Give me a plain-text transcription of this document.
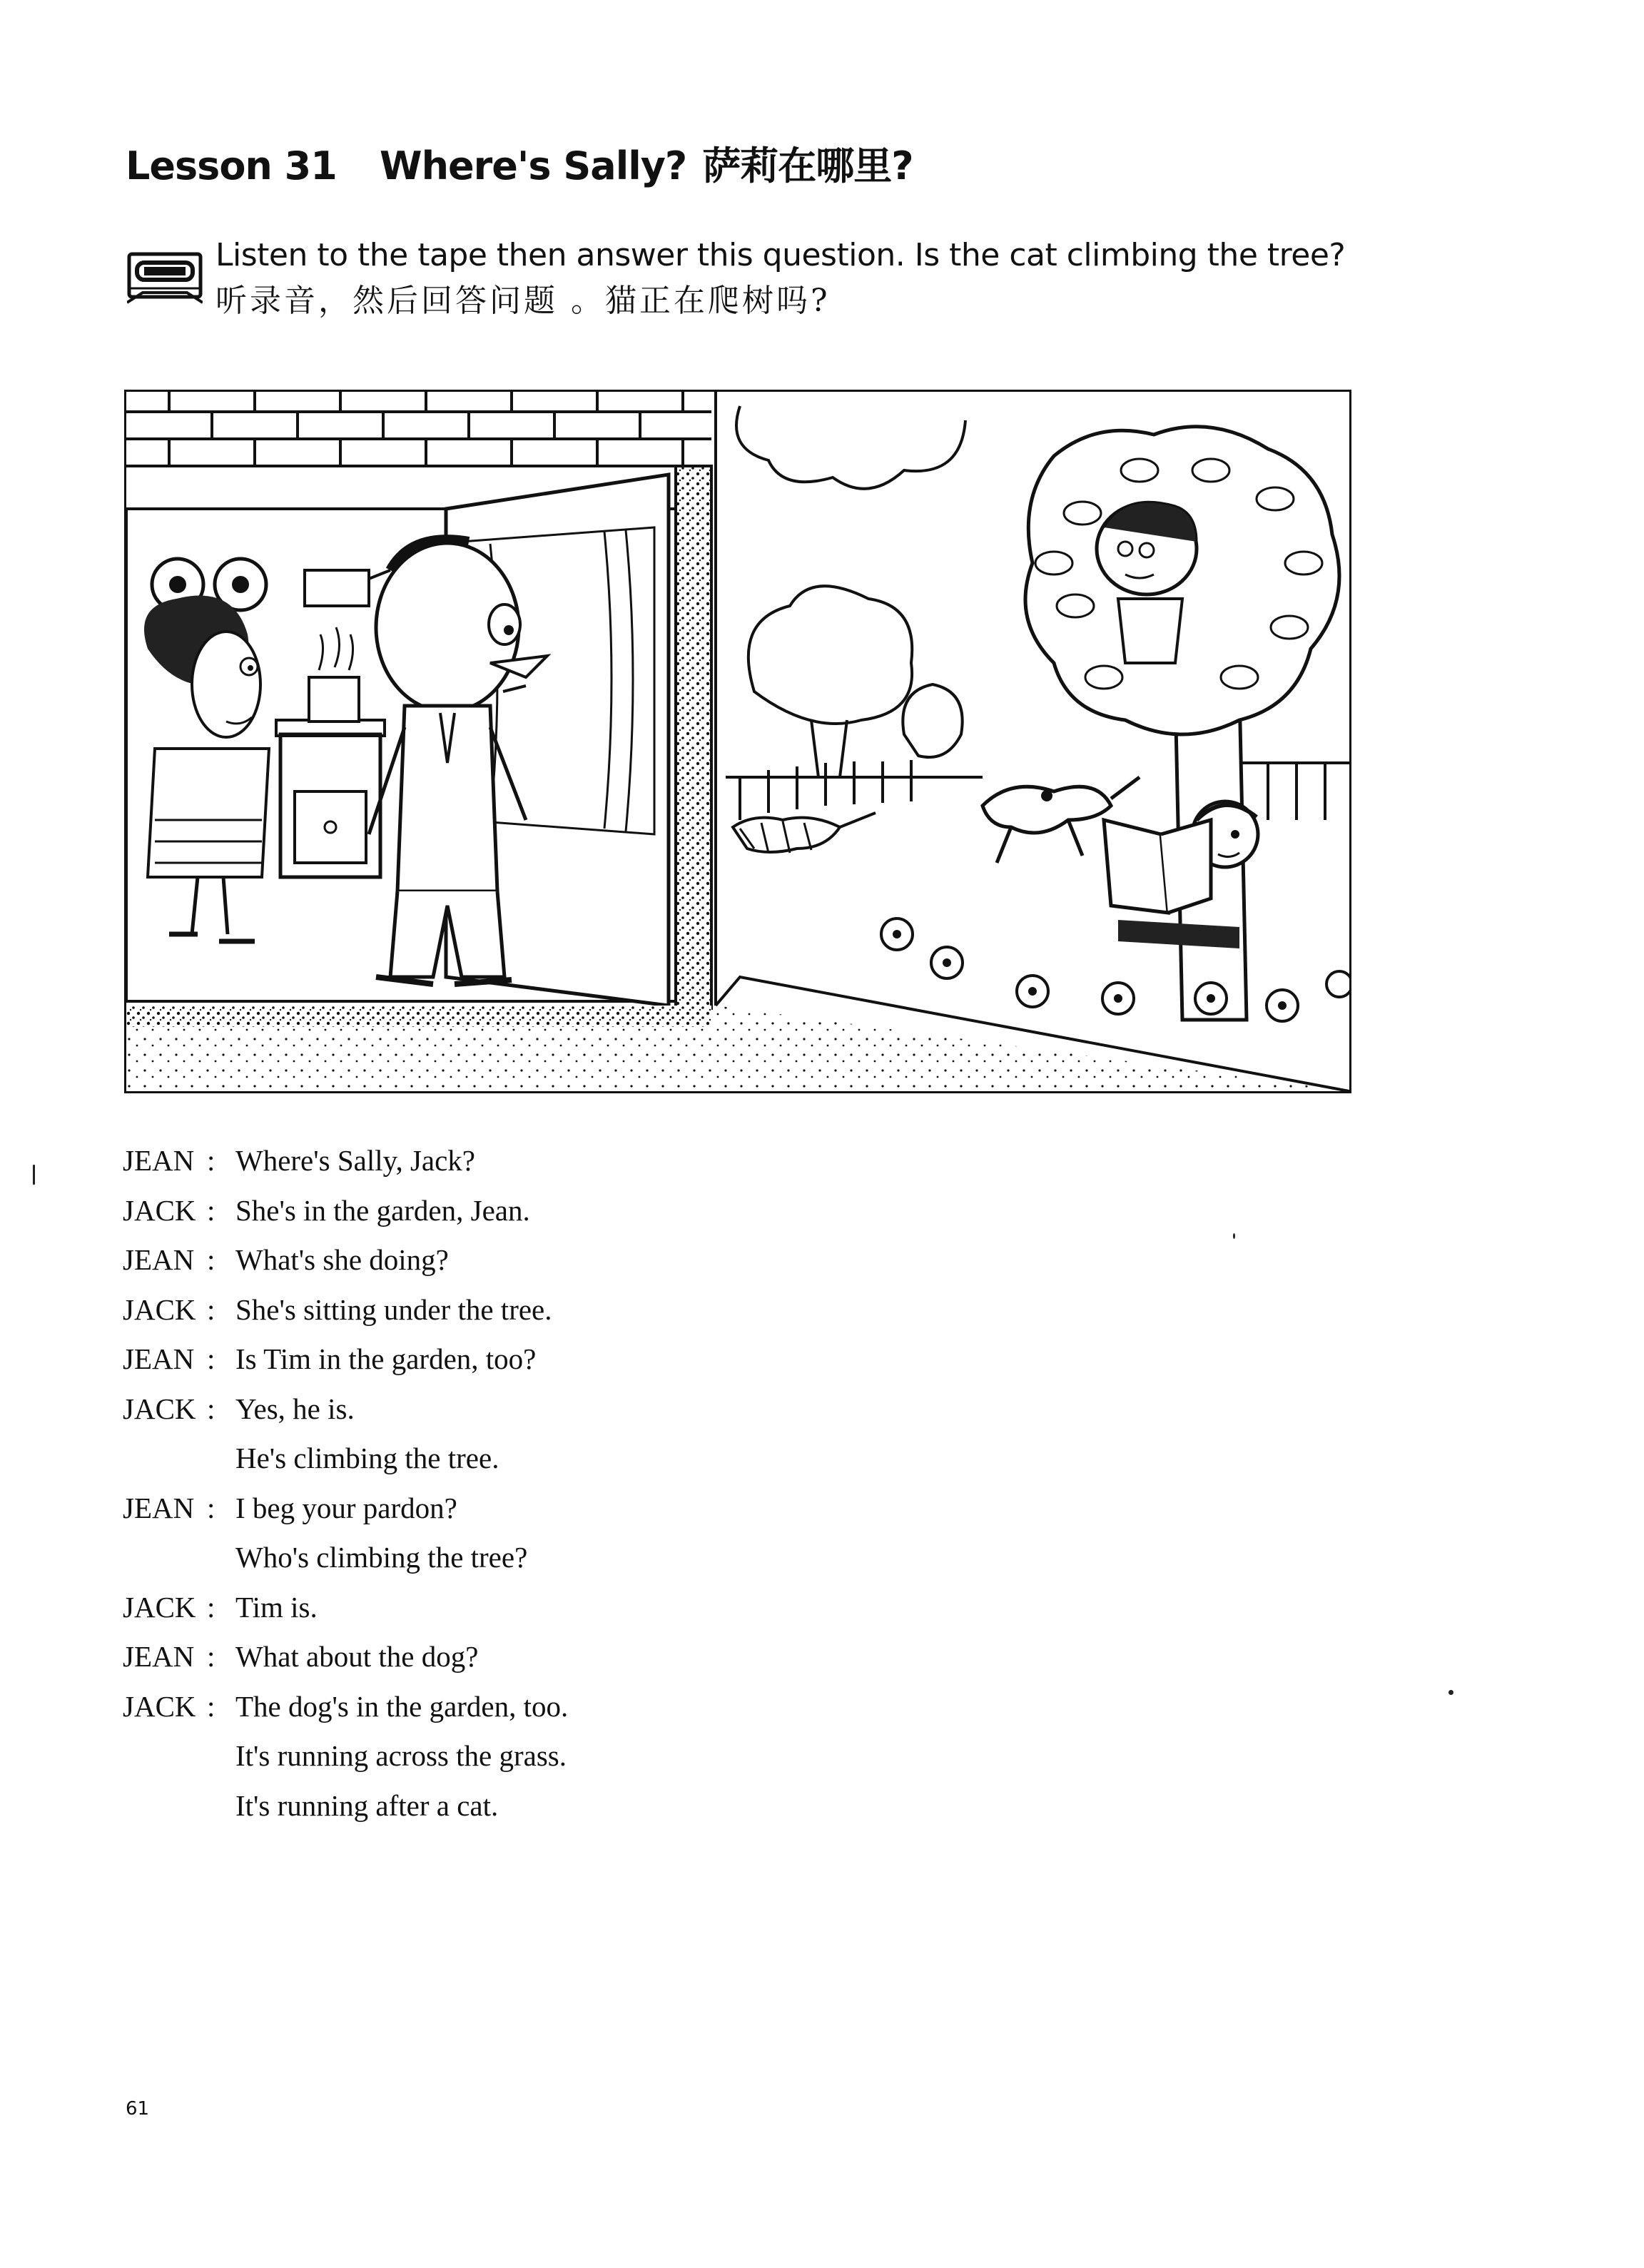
Lesson 31 Where's Sally? 萨莉在哪里?
Listen to the tape then answer this question. Is the cat climbing the tree?
听录音，然后回答问题 。猫正在爬树吗?
JEAN : Where's Sally, Jack?
JACK : She's in the garden, Jean.
JEAN : What's she doing?
JACK : She's sitting under the tree.
JEAN : Is Tim in the garden, too?
JACK : Yes, he is.
He's climbing the tree.
JEAN : I beg your pardon?
Who's climbing the tree?
JACK : Tim is.
JEAN : What about the dog?
JACK : The dog's in the garden, too.
It's running across the grass.
It's running after a cat.
61
